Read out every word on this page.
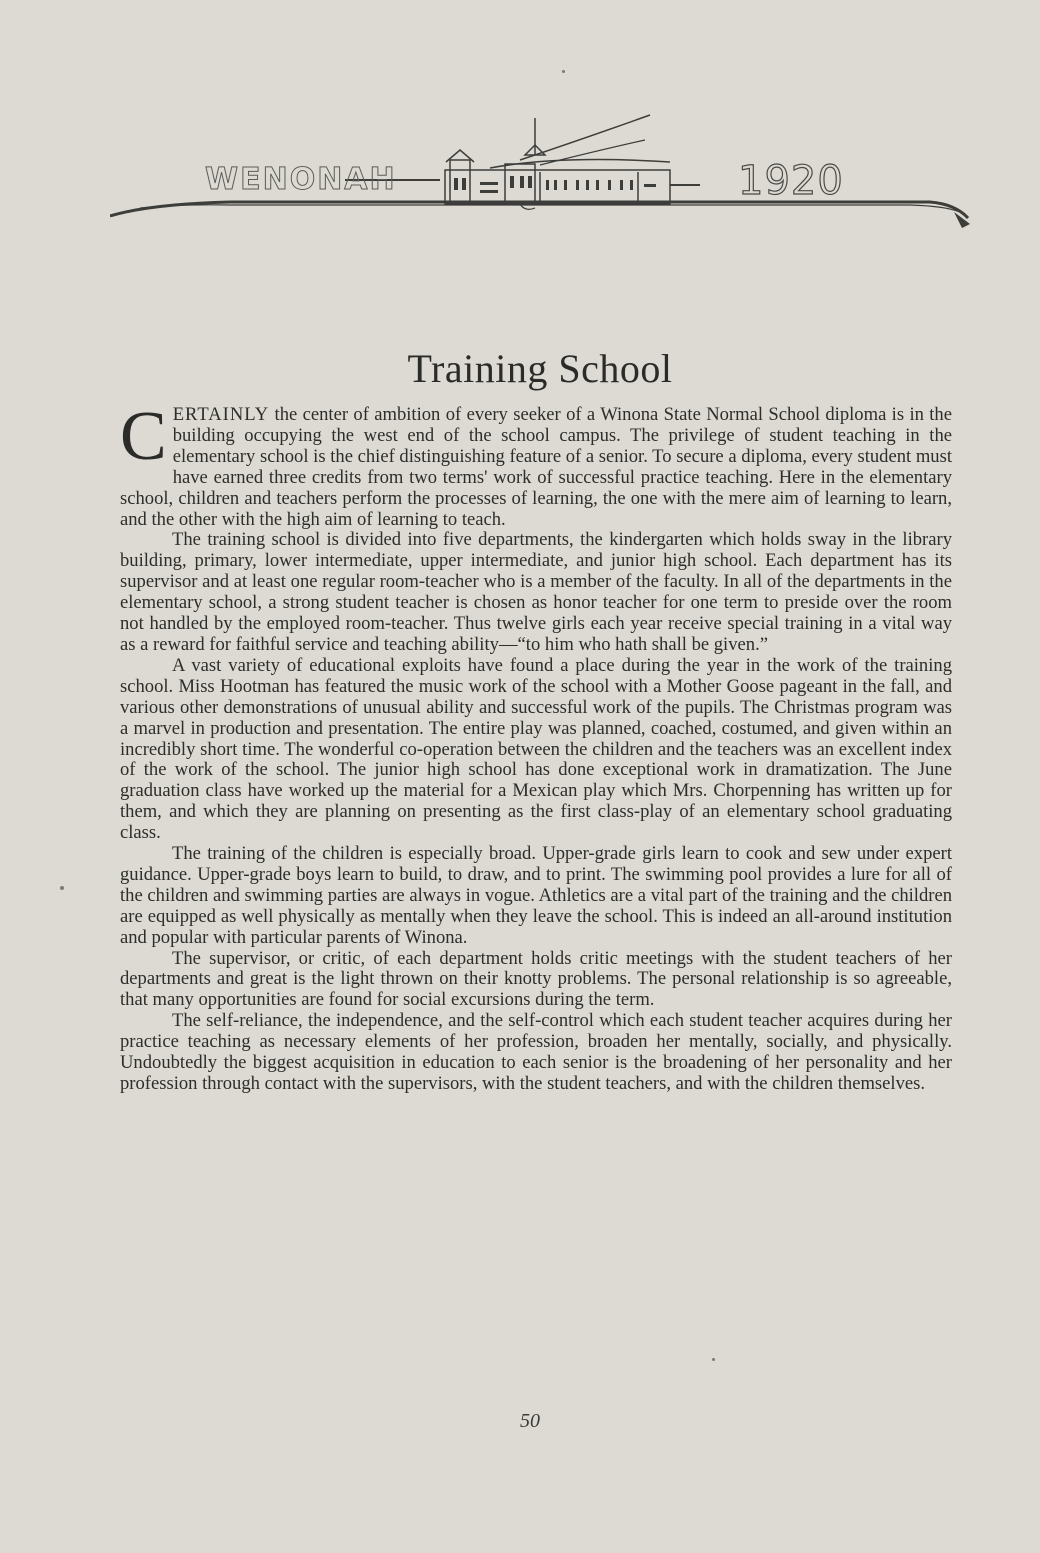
WENONAH	1920
Training School

CERTAINLY the center of ambition of every seeker of a Winona State Normal School diploma is in the building occupying the west end of the school campus. The privilege of student teaching in the elementary school is the chief distinguishing feature of a senior. To secure a diploma, every student must have earned three credits from two terms' work of successful practice teaching. Here in the elementary school, children and teachers perform the processes of learning, the one with the mere aim of learning to learn, and the other with the high aim of learning to teach.

The training school is divided into five departments, the kindergarten which holds sway in the library building, primary, lower intermediate, upper intermediate, and junior high school. Each department has its supervisor and at least one regular room-teacher who is a member of the faculty. In all of the departments in the elementary school, a strong student teacher is chosen as honor teacher for one term to preside over the room not handled by the employed room-teacher. Thus twelve girls each year receive special training in a vital way as a reward for faithful service and teaching ability—“to him who hath shall be given.”

A vast variety of educational exploits have found a place during the year in the work of the training school. Miss Hootman has featured the music work of the school with a Mother Goose pageant in the fall, and various other demonstrations of unusual ability and successful work of the pupils. The Christmas program was a marvel in production and presentation. The entire play was planned, coached, costumed, and given within an incredibly short time. The wonderful co-operation between the children and the teachers was an excellent index of the work of the school. The junior high school has done exceptional work in dramatization. The June graduation class have worked up the material for a Mexican play which Mrs. Chorpenning has written up for them, and which they are planning on presenting as the first class-play of an elementary school graduating class.

The training of the children is especially broad. Upper-grade girls learn to cook and sew under expert guidance. Upper-grade boys learn to build, to draw, and to print. The swimming pool provides a lure for all of the children and swimming parties are always in vogue. Athletics are a vital part of the training and the children are equipped as well physically as mentally when they leave the school. This is indeed an all-around institution and popular with particular parents of Winona.

The supervisor, or critic, of each department holds critic meetings with the student teachers of her departments and great is the light thrown on their knotty problems. The personal relationship is so agreeable, that many opportunities are found for social excursions during the term.

The self-reliance, the independence, and the self-control which each student teacher acquires during her practice teaching as necessary elements of her profession, broaden her mentally, socially, and physically. Undoubtedly the biggest acquisition in education to each senior is the broadening of her personality and her profession through contact with the supervisors, with the student teachers, and with the children themselves.

50
